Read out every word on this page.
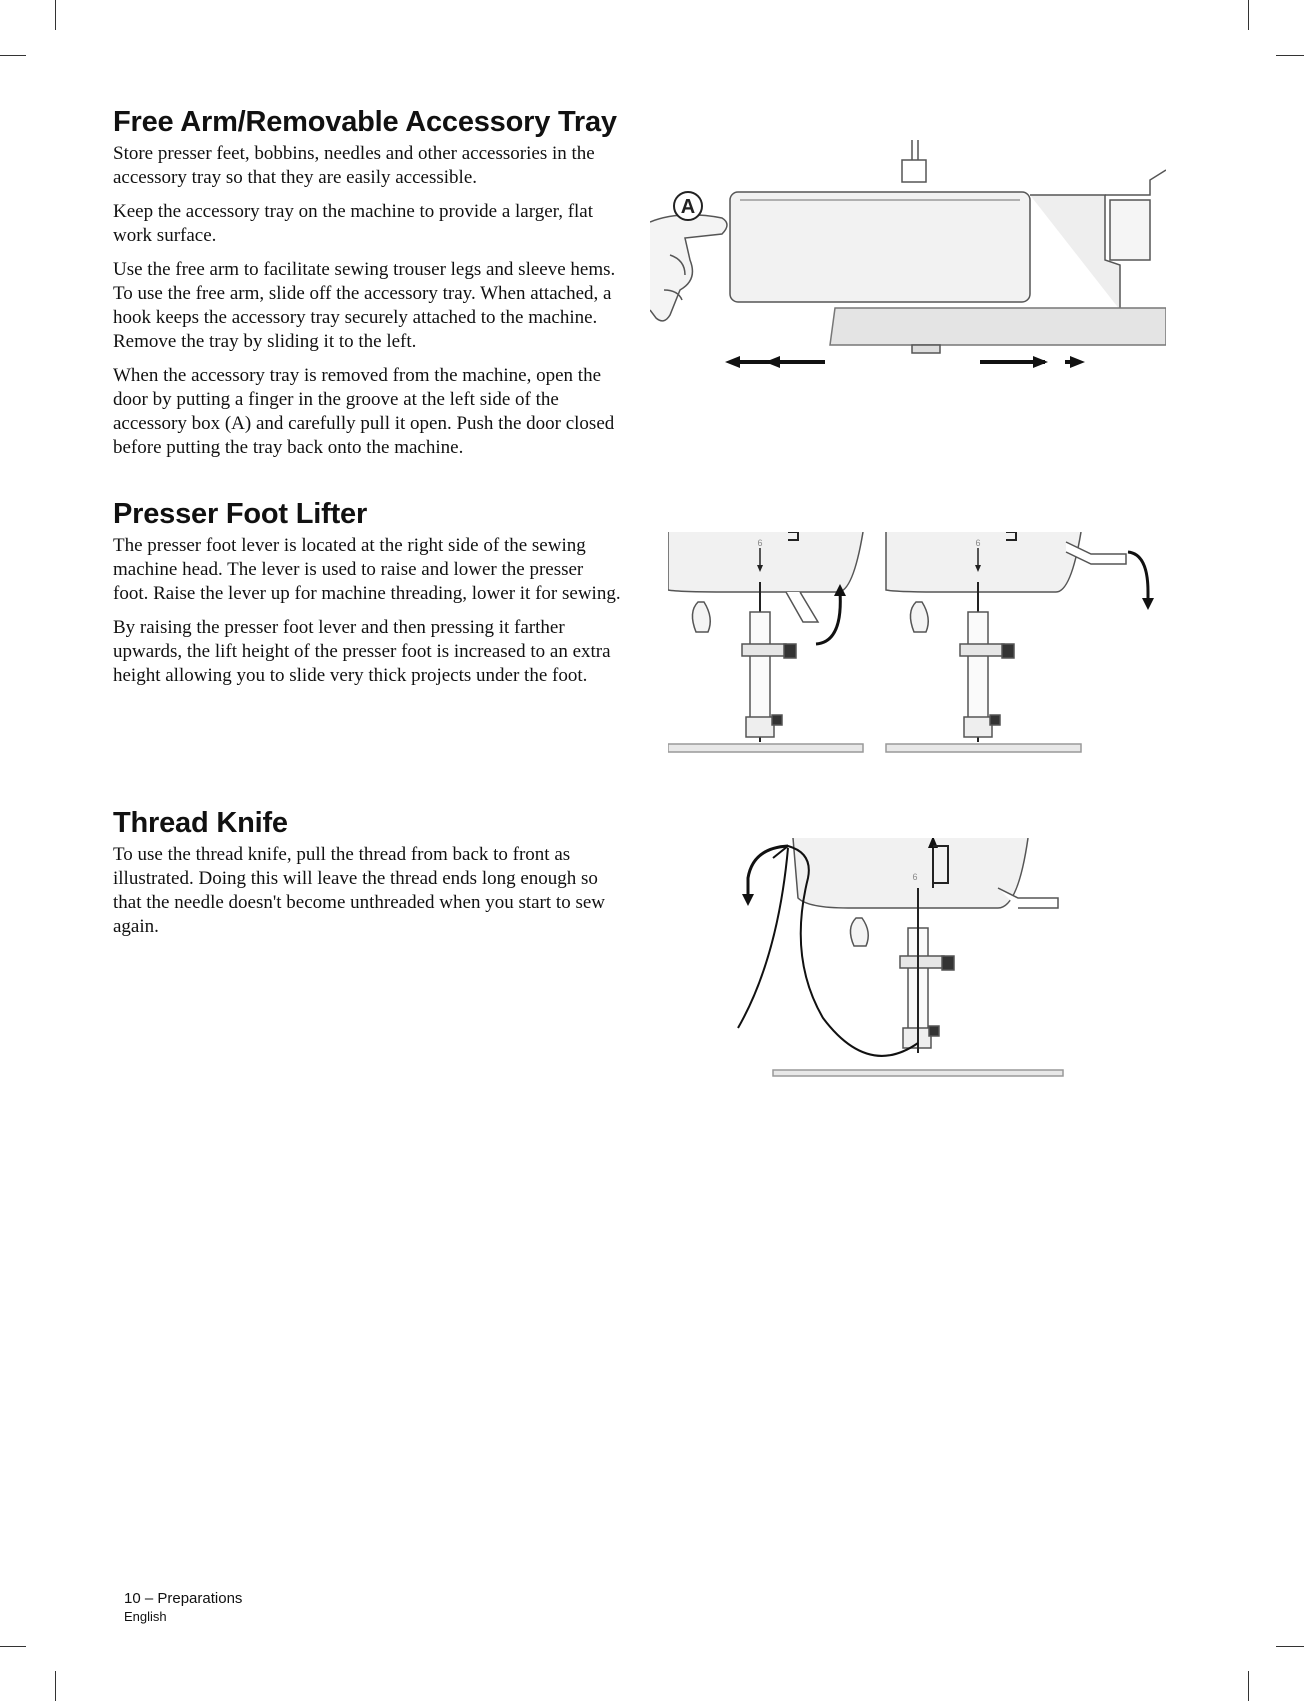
Free Arm/Removable Accessory Tray

Store presser feet, bobbins, needles and other accessories in the accessory tray so that they are easily accessible.

Keep the accessory tray on the machine to provide a larger, flat work surface.

Use the free arm to facilitate sewing trouser legs and sleeve hems. To use the free arm, slide off the accessory tray. When attached, a hook keeps the accessory tray securely attached to the machine. Remove the tray by sliding it to the left.

When the accessory tray is removed from the machine, open the door by putting a finger in the groove at the left side of the accessory box (A) and carefully pull it open. Push the door closed before putting the tray back onto the machine.

Presser Foot Lifter

The presser foot lever is located at the right side of the sewing machine head. The lever is used to raise and lower the presser foot. Raise the lever up for machine threading, lower it for sewing.

By raising the presser foot lever and then pressing it farther upwards, the lift height of the presser foot is increased to an extra height allowing you to slide very thick projects under the foot.

Thread Knife

To use the thread knife, pull the thread from back to front as illustrated. Doing this will leave the thread ends long enough so that the needle doesn't become unthreaded when you start to sew again.

A
6	6
6
10 – Preparations
English
